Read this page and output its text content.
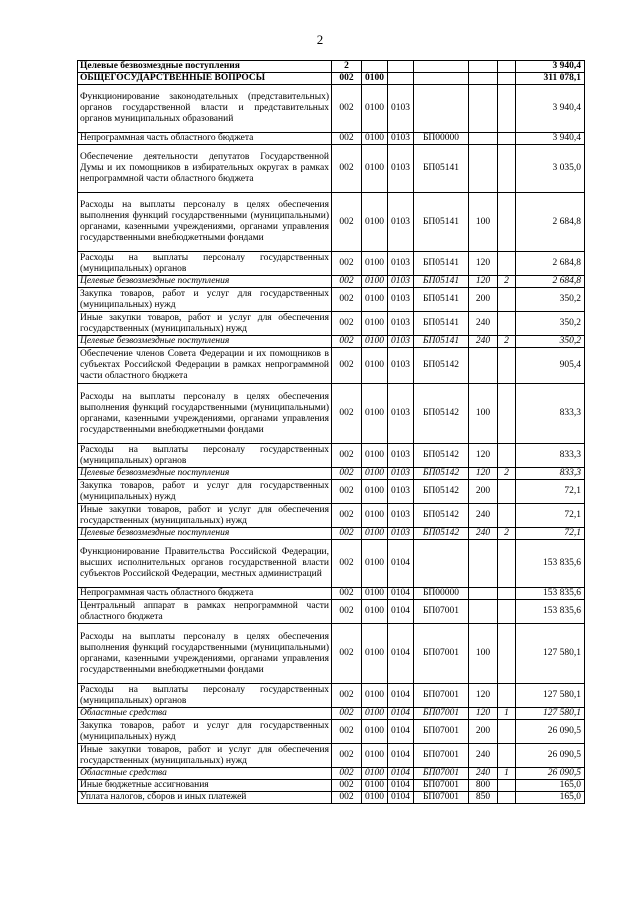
2
Целевые безвозмездные поступления	2						3 940,4
ОБЩЕГОСУДАРСТВЕННЫЕ ВОПРОСЫ	002	0100					311 078,1
Функционирование законодательных (представительных) органов государственной власти и представительных органов муниципальных образований	002	0100	0103				3 940,4
Непрограммная часть областного бюджета	002	0100	0103	БП00000			3 940,4
Обеспечение деятельности депутатов Государственной Думы и их помощников в избирательных округах в рамках непрограммной части областного бюджета	002	0100	0103	БП05141			3 035,0
Расходы на выплаты персоналу в целях обеспечения выполнения функций государственными (муниципальными) органами, казенными учреждениями, органами управления государственными внебюджетными фондами	002	0100	0103	БП05141	100		2 684,8
Расходы на выплаты персоналу государственных (муниципальных) органов	002	0100	0103	БП05141	120		2 684,8
Целевые безвозмездные поступления	002	0100	0103	БП05141	120	2	2 684,8
Закупка товаров, работ и услуг для государственных (муниципальных) нужд	002	0100	0103	БП05141	200		350,2
Иные закупки товаров, работ и услуг для обеспечения государственных (муниципальных) нужд	002	0100	0103	БП05141	240		350,2
Целевые безвозмездные поступления	002	0100	0103	БП05141	240	2	350,2
Обеспечение членов Совета Федерации и их помощников в субъектах Российской Федерации в рамках непрограммной части областного бюджета	002	0100	0103	БП05142			905,4
Расходы на выплаты персоналу в целях обеспечения выполнения функций государственными (муниципальными) органами, казенными учреждениями, органами управления государственными внебюджетными фондами	002	0100	0103	БП05142	100		833,3
Расходы на выплаты персоналу государственных (муниципальных) органов	002	0100	0103	БП05142	120		833,3
Целевые безвозмездные поступления	002	0100	0103	БП05142	120	2	833,3
Закупка товаров, работ и услуг для государственных (муниципальных) нужд	002	0100	0103	БП05142	200		72,1
Иные закупки товаров, работ и услуг для обеспечения государственных (муниципальных) нужд	002	0100	0103	БП05142	240		72,1
Целевые безвозмездные поступления	002	0100	0103	БП05142	240	2	72,1
Функционирование Правительства Российской Федерации, высших исполнительных органов государственной власти субъектов Российской Федерации, местных администраций	002	0100	0104				153 835,6
Непрограммная часть областного бюджета	002	0100	0104	БП00000			153 835,6
Центральный аппарат в рамках непрограммной части областного бюджета	002	0100	0104	БП07001			153 835,6
Расходы на выплаты персоналу в целях обеспечения выполнения функций государственными (муниципальными) органами, казенными учреждениями, органами управления государственными внебюджетными фондами	002	0100	0104	БП07001	100		127 580,1
Расходы на выплаты персоналу государственных (муниципальных) органов	002	0100	0104	БП07001	120		127 580,1
Областные средства	002	0100	0104	БП07001	120	1	127 580,1
Закупка товаров, работ и услуг для государственных (муниципальных) нужд	002	0100	0104	БП07001	200		26 090,5
Иные закупки товаров, работ и услуг для обеспечения государственных (муниципальных) нужд	002	0100	0104	БП07001	240		26 090,5
Областные средства	002	0100	0104	БП07001	240	1	26 090,5
Иные бюджетные ассигнования	002	0100	0104	БП07001	800		165,0
Уплата налогов, сборов и иных платежей	002	0100	0104	БП07001	850		165,0
